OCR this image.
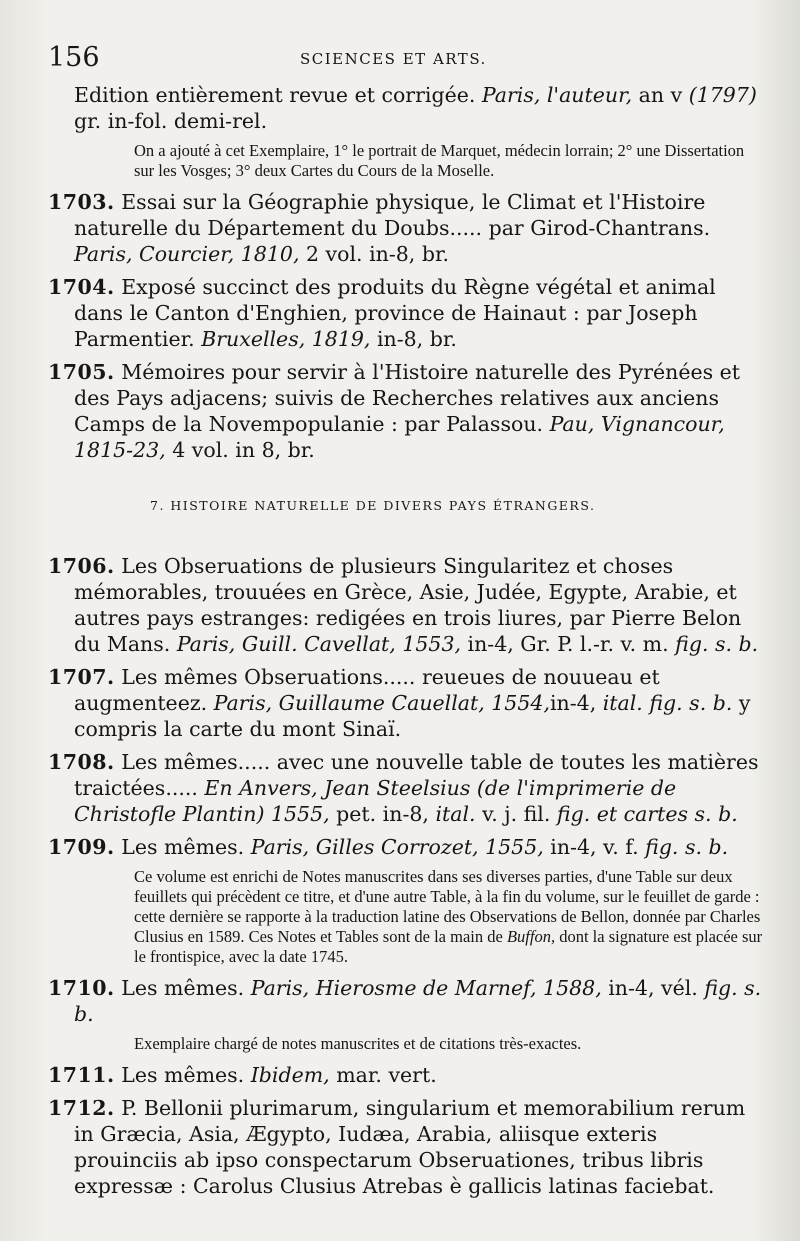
156	SCIENCES ET ARTS.

Edition entièrement revue et corrigée. Paris, l'auteur, an v (1797) gr. in-fol. demi-rel.

On a ajouté à cet Exemplaire, 1° le portrait de Marquet, médecin lorrain; 2° une Dissertation sur les Vosges; 3° deux Cartes du Cours de la Moselle.

1703. Essai sur la Géographie physique, le Climat et l'Histoire naturelle du Département du Doubs..... par Girod-Chantrans. Paris, Courcier, 1810, 2 vol. in-8, br.

1704. Exposé succinct des produits du Règne végétal et animal dans le Canton d'Enghien, province de Hainaut : par Joseph Parmentier. Bruxelles, 1819, in-8, br.

1705. Mémoires pour servir à l'Histoire naturelle des Pyrénées et des Pays adjacens; suivis de Recherches relatives aux anciens Camps de la Novempopulanie : par Palassou. Pau, Vignancour, 1815-23, 4 vol. in 8, br.

7. HISTOIRE NATURELLE DE DIVERS PAYS ÉTRANGERS.

1706. Les Obseruations de plusieurs Singularitez et choses mémorables, trouuées en Grèce, Asie, Judée, Egypte, Arabie, et autres pays estranges: redigées en trois liures, par Pierre Belon du Mans. Paris, Guill. Cavellat, 1553, in-4, Gr. P. l.-r. v. m. fig. s. b.

1707. Les mêmes Obseruations..... reueues de nouueau et augmenteez. Paris, Guillaume Cauellat, 1554,in-4, ital. fig. s. b. y compris la carte du mont Sinaï.

1708. Les mêmes..... avec une nouvelle table de toutes les matières traictées..... En Anvers, Jean Steelsius (de l'imprimerie de Christofle Plantin) 1555, pet. in-8, ital. v. j. fil. fig. et cartes s. b.

1709. Les mêmes. Paris, Gilles Corrozet, 1555, in-4, v. f. fig. s. b.

Ce volume est enrichi de Notes manuscrites dans ses diverses parties, d'une Table sur deux feuillets qui précèdent ce titre, et d'une autre Table, à la fin du volume, sur le feuillet de garde : cette dernière se rapporte à la traduction latine des Observations de Bellon, donnée par Charles Clusius en 1589. Ces Notes et Tables sont de la main de Buffon, dont la signature est placée sur le frontispice, avec la date 1745.

1710. Les mêmes. Paris, Hierosme de Marnef, 1588, in-4, vél. fig. s. b.

Exemplaire chargé de notes manuscrites et de citations très-exactes.

1711. Les mêmes. Ibidem, mar. vert.

1712. P. Bellonii plurimarum, singularium et memorabilium rerum in Græcia, Asia, Ægypto, Iudæa, Arabia, aliisque exteris prouinciis ab ipso conspectarum Obseruationes, tribus libris expressæ : Carolus Clusius Atrebas è gallicis latinas faciebat.
